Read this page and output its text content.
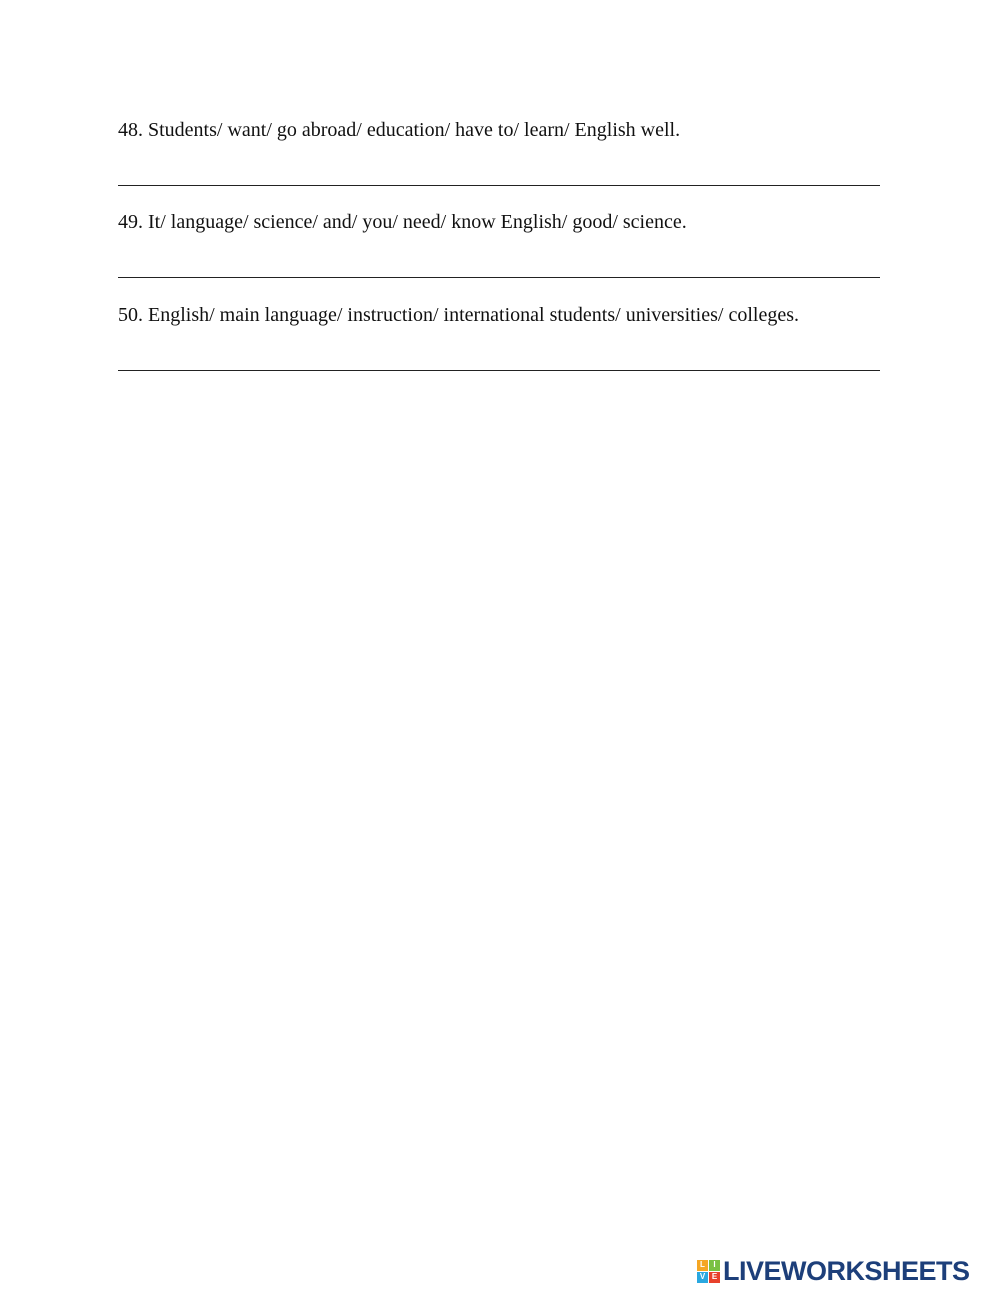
48. Students/ want/ go abroad/ education/ have to/ learn/ English well.
49. It/ language/ science/ and/ you/ need/ know English/ good/ science.
50. English/ main language/ instruction/ international students/ universities/ colleges.
L	I
V E LIVEWORKSHEETS
